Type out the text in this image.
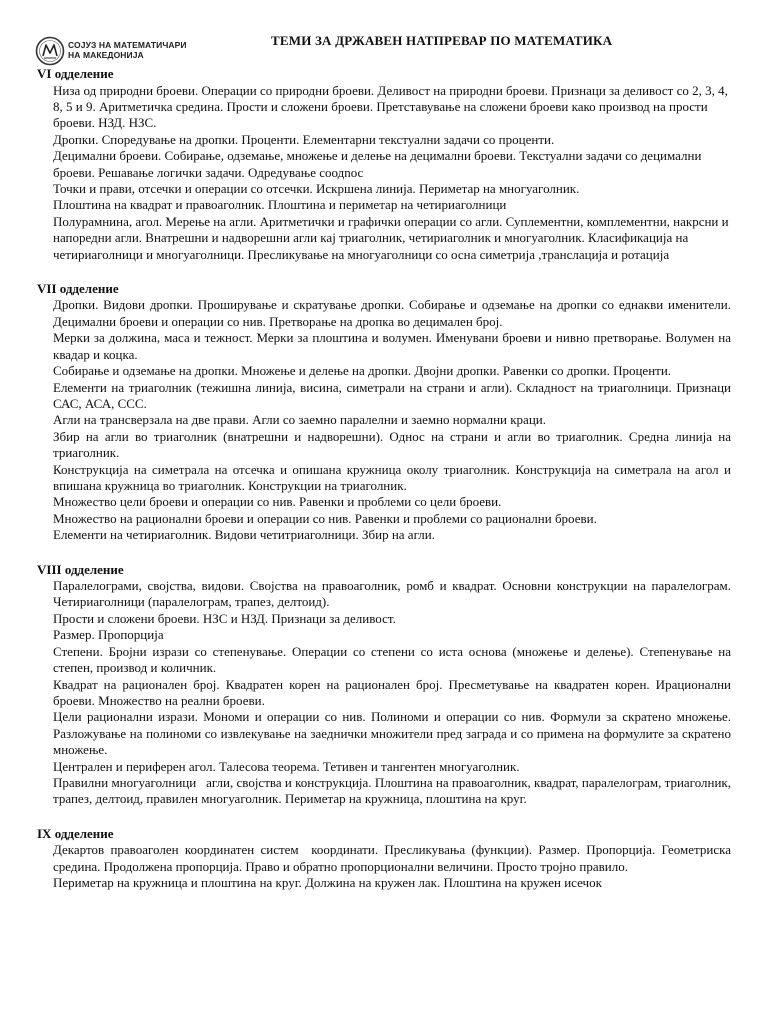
СОЈУЗ НА МАТЕМАТИЧАРИ
НА МАКЕДОНИЈА
ТЕМИ ЗА ДРЖАВЕН НАТПРЕВАР ПО МАТЕМАТИКА
VI одделение
Низа од природни броеви. Операции со природни броеви. Деливост на природни броеви. Признаци за деливост со 2, 3, 4, 8, 5 и 9. Аритметичка средина. Прости и сложени броеви. Претставување на сложени броеви како производ на прости броеви. НЗД. НЗС.
Дропки. Споредување на дропки. Проценти. Елементарни текстуални задачи со проценти.
Децимални броеви. Собирање, одземање, множење и делење на децимални броеви. Текстуални задачи со децимални броеви. Решавање логички задачи. Одредување соодnос
Точки и прави, отсечки и операции со отсечки. Искршена линија. Периметар на многуаголник.
Плоштина на квадрат и правоаголник. Плоштина и периметар на четириаголници
Полурамнина, агол. Мерење на агли. Аритметички и графички операции со агли. Суплементни, комплементни, накрсни и напоредни агли. Внатрешни и надворешни агли кај триаголник, четириаголник и многуаголник. Класификација на четириаголници и многуаголници. Пресликување на многуаголници со осна симетрија ,транслација и ротација
VII одделение
Дропки. Видови дропки. Проширување и скратување дропки. Собирање и одземање на дропки со еднакви именители. Децимални броеви и операции со нив. Претворање на дропка во децимален број.
Мерки за должина, маса и тежност. Мерки за плоштина и волумен. Именувани броеви и нивно претворање. Волумен на квадар и коцка.
Собирање и одземање на дропки. Множење и делење на дропки. Двојни дропки. Равенки со дропки. Проценти.
Елементи на триаголник (тежишна линија, висина, симетрали на страни и агли). Складност на триаголници. Признаци САС, АСА, ССС.
Агли на трансверзала на две прави. Агли со заемно паралелни и заемно нормални краци.
Збир на агли во триаголник (внатрешни и надворешни). Однос на страни и агли во триаголник. Средна линија на триаголник.
Конструкција на симетрала на отсечка и опишана кружница околу триаголник. Конструкција на симетрала на агол и впишана кружница во триаголник. Конструкции на триаголник.
Множество цели броеви и операции со нив. Равенки и проблеми со цели броеви.
Множество на рационални броеви и операции со нив. Равенки и проблеми со рационални броеви.
Елементи на четириаголник. Видови четитриаголници. Збир на агли.
VIII одделение
Паралелограми, својства, видови. Својства на правоаголник, ромб и квадрат. Основни конструкции на паралелограм. Четириаголници (паралелограм, трапез, делтоид).
Прости и сложени броеви. НЗС и НЗД. Признаци за деливост.
Размер. Пропорција
Степени. Бројни изрази со степенување. Операции со степени со иста основа (множење и делење). Степенување на степен, производ и количник.
Квадрат на рационален број. Квадратен корен на рационален број. Пресметување на квадратен корен. Ирационални броеви. Множество на реални броеви.
Цели рационални изрази. Мономи и операции со нив. Полиноми и операции со нив. Формули за скратено множење. Разложување на полиноми со извлекување на заеднички множители пред заграда и со примена на формулите за скратено множење.
Централен и периферен агол. Талесова теорема. Тетивен и тангентен многуаголник.
Правилни многуаголници   агли, својства и конструкција. Плоштина на правоаголник, квадрат, паралелограм, триаголник, трапез, делтоид, правилен многуаголник. Периметар на кружница, плоштина на круг.
IX одделение
Декартов правоаголен координатен систем  координати. Пресликувања (функции). Размер. Пропорција. Геометриска средина. Продолжена пропорција. Право и обратно пропорционални величини. Просто тројно правило.
Периметар на кружница и плоштина на круг. Должина на кружен лак. Плоштина на кружен исечок
